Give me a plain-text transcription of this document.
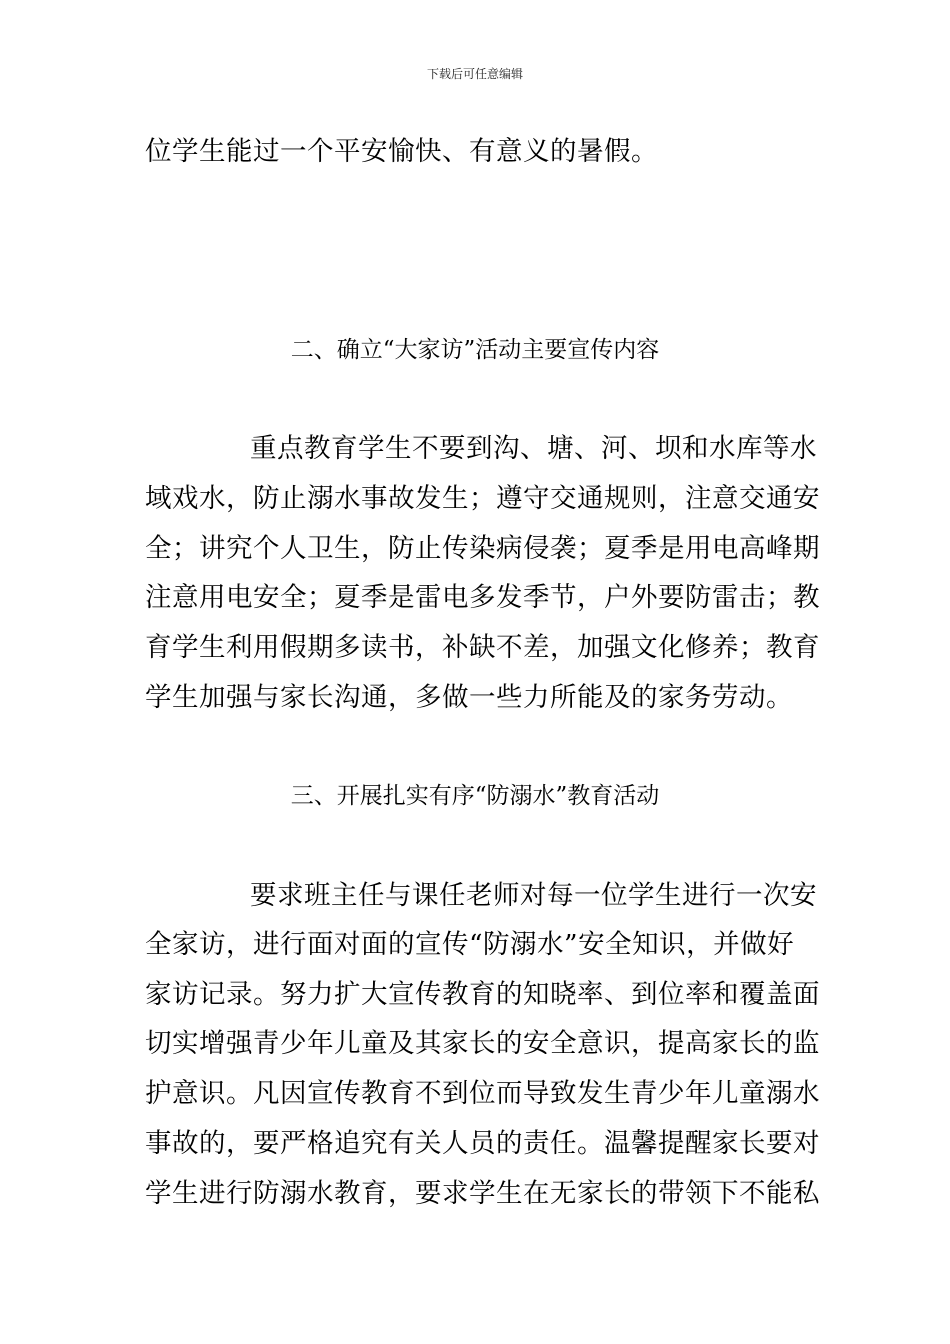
下载后可任意编辑
位学生能过一个平安愉快、有意义的暑假。
二、确立“大家访”活动主要宣传内容
重点教育学生不要到沟、塘、河、坝和水库等水
域戏水，防止溺水事故发生；遵守交通规则，注意交通安
全；讲究个人卫生，防止传染病侵袭；夏季是用电高峰期
注意用电安全；夏季是雷电多发季节，户外要防雷击；教
育学生利用假期多读书，补缺不差，加强文化修养；教育
学生加强与家长沟通，多做一些力所能及的家务劳动。
三、开展扎实有序“防溺水”教育活动
要求班主任与课任老师对每一位学生进行一次安
全家访，进行面对面的宣传“防溺水”安全知识，并做好
家访记录。努力扩大宣传教育的知晓率、到位率和覆盖面
切实增强青少年儿童及其家长的安全意识，提高家长的监
护意识。凡因宣传教育不到位而导致发生青少年儿童溺水
事故的，要严格追究有关人员的责任。温馨提醒家长要对
学生进行防溺水教育，要求学生在无家长的带领下不能私
